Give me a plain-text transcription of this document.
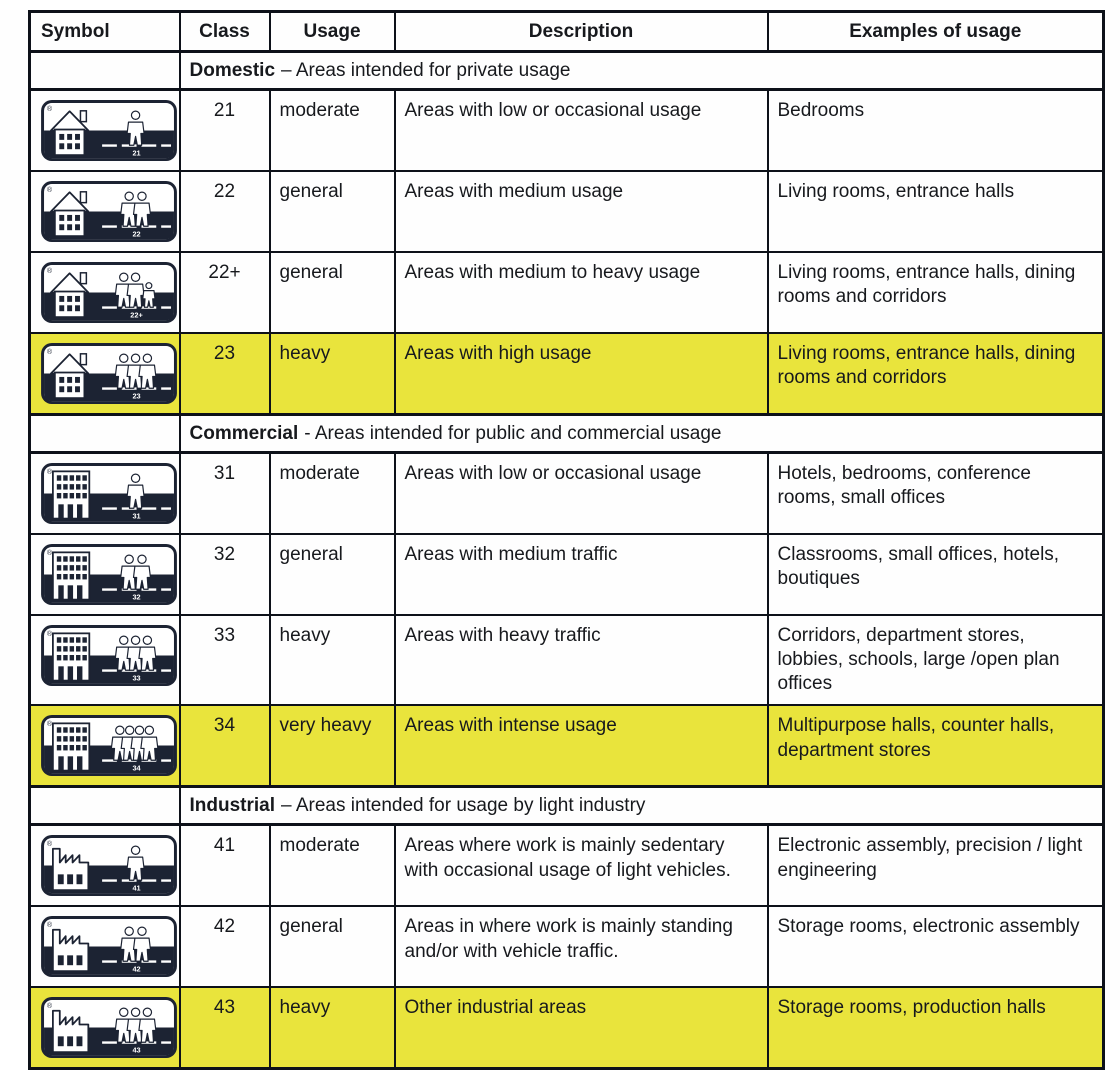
Symbol	Class	Usage	Description	Examples of usage
	Domestic – Areas intended for private usage			

®
21	21	moderate	Areas with low or occasional usage	Bedrooms

®
22	22	general	Areas with medium usage	Living rooms, entrance halls

®
22+	22+	general	Areas with medium to heavy usage	Living rooms, entrance halls, dining rooms and corridors

®
23	23	heavy	Areas with high usage	Living rooms, entrance halls, dining rooms and corridors
	Commercial - Areas intended for public and commercial usage			

®
31	31	moderate	Areas with low or occasional usage	Hotels, bedrooms, conference rooms, small offices

®
32	32	general	Areas with medium traffic	Classrooms, small offices, hotels, boutiques

®
33	33	heavy	Areas with heavy traffic	Corridors, department stores, lobbies, schools, large /open plan offices

®
34	34	very heavy	Areas with intense usage	Multipurpose halls, counter halls, department stores
	Industrial – Areas intended for usage by light industry			

®
41	41	moderate	Areas where work is mainly sedentary with occasional usage of light vehicles.	Electronic assembly, precision / light engineering

®
42	42	general	Areas in where work is mainly standing and/or with vehicle traffic.	Storage rooms, electronic assembly

®
43	43	heavy	Other industrial areas	Storage rooms, production halls
